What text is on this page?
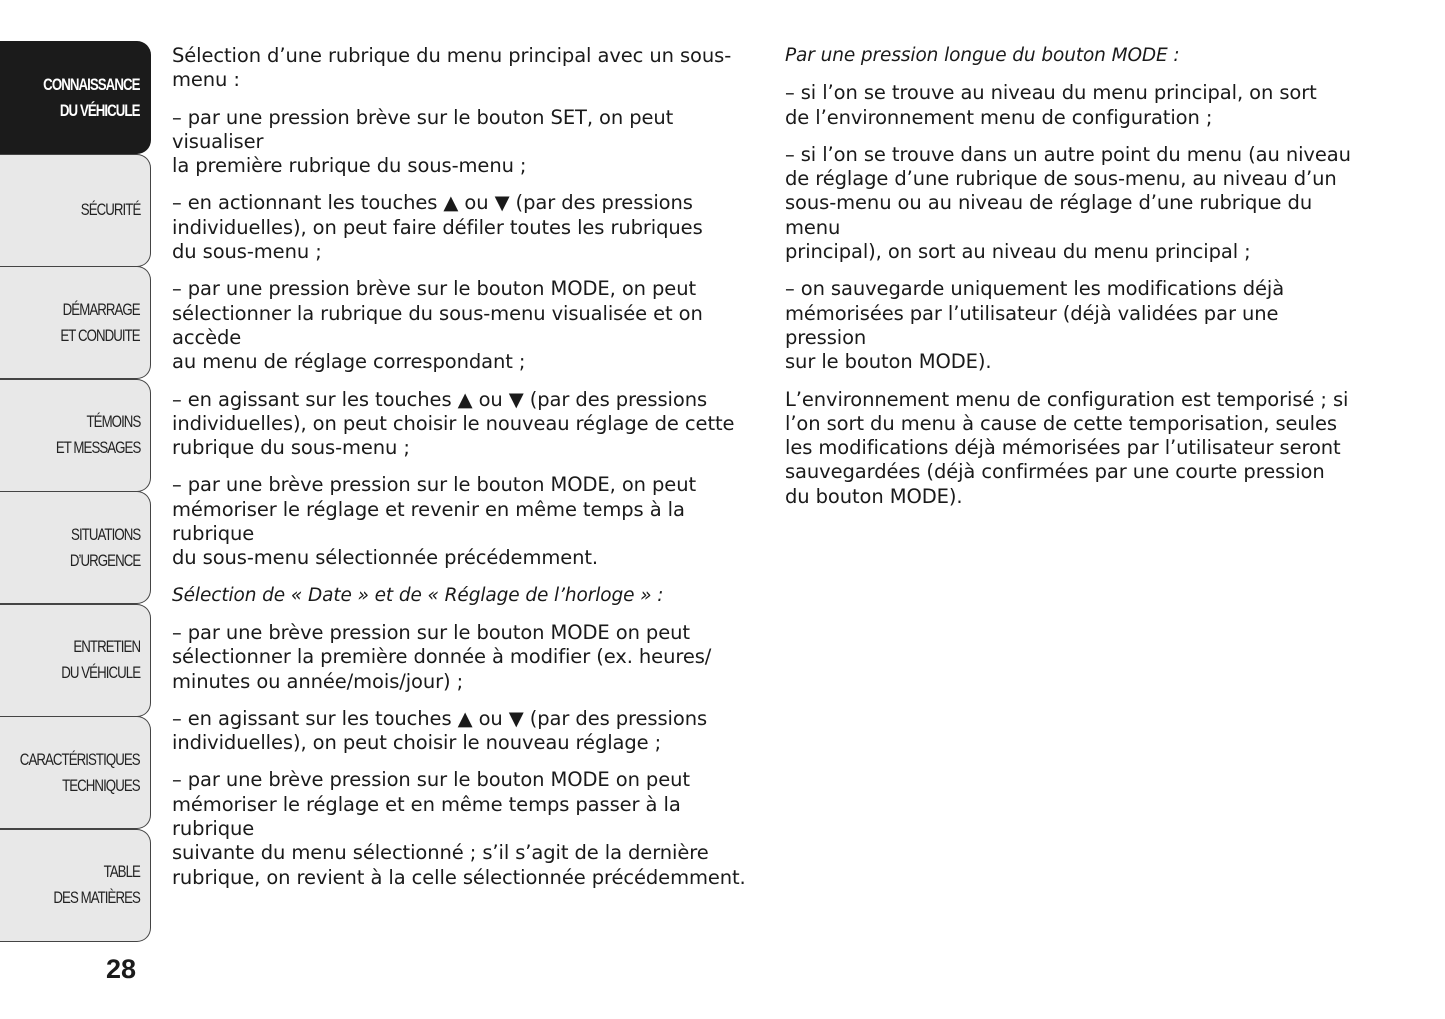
CONNAISSANCE
DU VÉHICULE
SÉCURITÉ
DÉMARRAGE
ET CONDUITE
TÉMOINS
ET MESSAGES
SITUATIONS
D’URGENCE
ENTRETIEN
DU VÉHICULE
CARACTÉRISTIQUES
TECHNIQUES
TABLE
DES MATIÈRES
28

Sélection d’une rubrique du menu principal avec un sous-
menu :

– par une pression brève sur le bouton SET, on peut visualiser
la première rubrique du sous-menu ;

– en actionnant les touches ▲ ou ▼ (par des pressions
individuelles), on peut faire défiler toutes les rubriques
du sous-menu ;

– par une pression brève sur le bouton MODE, on peut
sélectionner la rubrique du sous-menu visualisée et on accède
au menu de réglage correspondant ;

– en agissant sur les touches ▲ ou ▼ (par des pressions
individuelles), on peut choisir le nouveau réglage de cette
rubrique du sous-menu ;

– par une brève pression sur le bouton MODE, on peut
mémoriser le réglage et revenir en même temps à la rubrique
du sous-menu sélectionnée précédemment.

Sélection de « Date » et de « Réglage de l’horloge » :

– par une brève pression sur le bouton MODE on peut
sélectionner la première donnée à modifier (ex. heures/
minutes ou année/mois/jour) ;

– en agissant sur les touches ▲ ou ▼ (par des pressions
individuelles), on peut choisir le nouveau réglage ;

– par une brève pression sur le bouton MODE on peut
mémoriser le réglage et en même temps passer à la rubrique
suivante du menu sélectionné ; s’il s’agit de la dernière
rubrique, on revient à la celle sélectionnée précédemment.

Par une pression longue du bouton MODE :

– si l’on se trouve au niveau du menu principal, on sort
de l’environnement menu de configuration ;

– si l’on se trouve dans un autre point du menu (au niveau
de réglage d’une rubrique de sous-menu, au niveau d’un
sous-menu ou au niveau de réglage d’une rubrique du menu
principal), on sort au niveau du menu principal ;

– on sauvegarde uniquement les modifications déjà
mémorisées par l’utilisateur (déjà validées par une pression
sur le bouton MODE).

L’environnement menu de configuration est temporisé ; si
l’on sort du menu à cause de cette temporisation, seules
les modifications déjà mémorisées par l’utilisateur seront
sauvegardées (déjà confirmées par une courte pression
du bouton MODE).
